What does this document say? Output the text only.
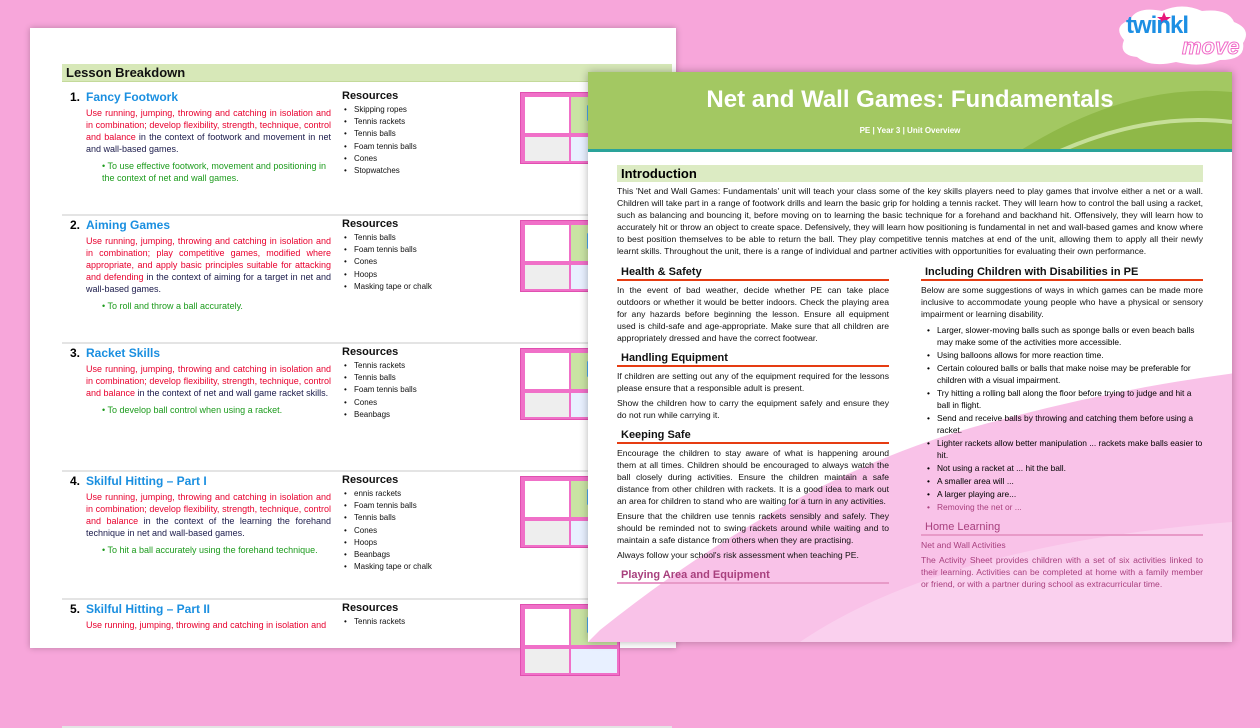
Lesson Breakdown
1. Fancy Footwork
Use running, jumping, throwing and catching in isolation and in combination; develop flexibility, strength, technique, control and balance in the context of footwork and movement in net and wall-based games.
• To use effective footwork, movement and positioning in the context of net and wall games.
Resources
• Skipping ropes
• Tennis rackets
• Tennis balls
• Foam tennis balls
• Cones
• Stopwatches
2. Aiming Games
Use running, jumping, throwing and catching in isolation and in combination; play competitive games, modified where appropriate, and apply basic principles suitable for attacking and defending in the context of aiming for a target in net and wall-based games.
• To roll and throw a ball accurately.
Resources
• Tennis balls
• Foam tennis balls
• Cones
• Hoops
• Masking tape or chalk
3. Racket Skills
Use running, jumping, throwing and catching in isolation and in combination; develop flexibility, strength, technique, control and balance in the context of net and wall game racket skills.
• To develop ball control when using a racket.
Resources
• Tennis rackets
• Tennis balls
• Foam tennis balls
• Cones
• Beanbags
4. Skilful Hitting – Part I
Use running, jumping, throwing and catching in isolation and in combination; develop flexibility, strength, technique, control and balance in the context of the learning the forehand technique in net and wall-based games.
• To hit a ball accurately using the forehand technique.
Resources
• ennis rackets
• Foam tennis balls
• Tennis balls
• Cones
• Hoops
• Beanbags
• Masking tape or chalk
5. Skilful Hitting – Part II
Use running, jumping, throwing and catching in isolation and
Resources
• Tennis rackets
Net and Wall Games: Fundamentals
PE | Year 3 | Unit Overview
Introduction
This 'Net and Wall Games: Fundamentals' unit will teach your class some of the key skills players need to play games that involve either a net or a wall. Children will take part in a range of footwork drills and learn the basic grip for holding a tennis racket. They will learn how to control the ball using a racket, such as balancing and bouncing it, before moving on to learning the basic technique for a forehand and backhand hit. Offensively, they will learn how to accurately hit or throw an object to create space. Defensively, they will learn how positioning is fundamental in net and wall-based games and know where to best position themselves to be able to return the ball. They play competitive tennis matches at end of the unit, allowing them to apply all their newly learnt skills. Throughout the unit, there is a range of individual and partner activities with opportunities for evaluating their own performance.
Health & Safety
In the event of bad weather, decide whether PE can take place outdoors or whether it would be better indoors. Check the playing area for any hazards before beginning the lesson. Ensure all equipment used is child-safe and age-appropriate. Make sure that all children are appropriately dressed and have the correct footwear.
Handling Equipment
If children are setting out any of the equipment required for the lessons please ensure that a responsible adult is present.
Show the children how to carry the equipment safely and ensure they do not run while carrying it.
Keeping Safe
Encourage the children to stay aware of what is happening around them at all times. Children should be encouraged to always watch the ball closely during activities. Ensure the children maintain a safe distance from other children with rackets. It is a good idea to mark out an area for children to stand who are waiting for a turn in any activities.
Ensure that the children use tennis rackets sensibly and safely. They should be reminded not to swing rackets around while waiting and to maintain a safe distance from others when they are practising.
Always follow your school's risk assessment when teaching PE.
Playing Area and Equipment
Including Children with Disabilities in PE
Below are some suggestions of ways in which games can be made more inclusive to accommodate young people who have a physical or sensory impairment or learning disability.
• Larger, slower-moving balls such as sponge balls or even beach balls may make some of the activities more accessible.
• Using balloons allows for more reaction time.
• Certain coloured balls or balls that make noise may be preferable for children with a visual impairment.
• Try hitting a rolling ball along the floor before trying to judge and hit a ball in flight.
• Send and receive balls by throwing and catching them before using a racket.
• Lighter rackets allow better manipulation ... rackets make balls easier to hit.
• Not using a racket at ... hit the ball.
• A smaller area will ...
• A larger playing are...
• Removing the net or ...
Home Learning
Net and Wall Activities
The Activity Sheet provides children with a set of six activities linked to their learning. Activities can be completed at home with a family member or friend, or with a partner during school as extracurricular time.
twinkl
move
